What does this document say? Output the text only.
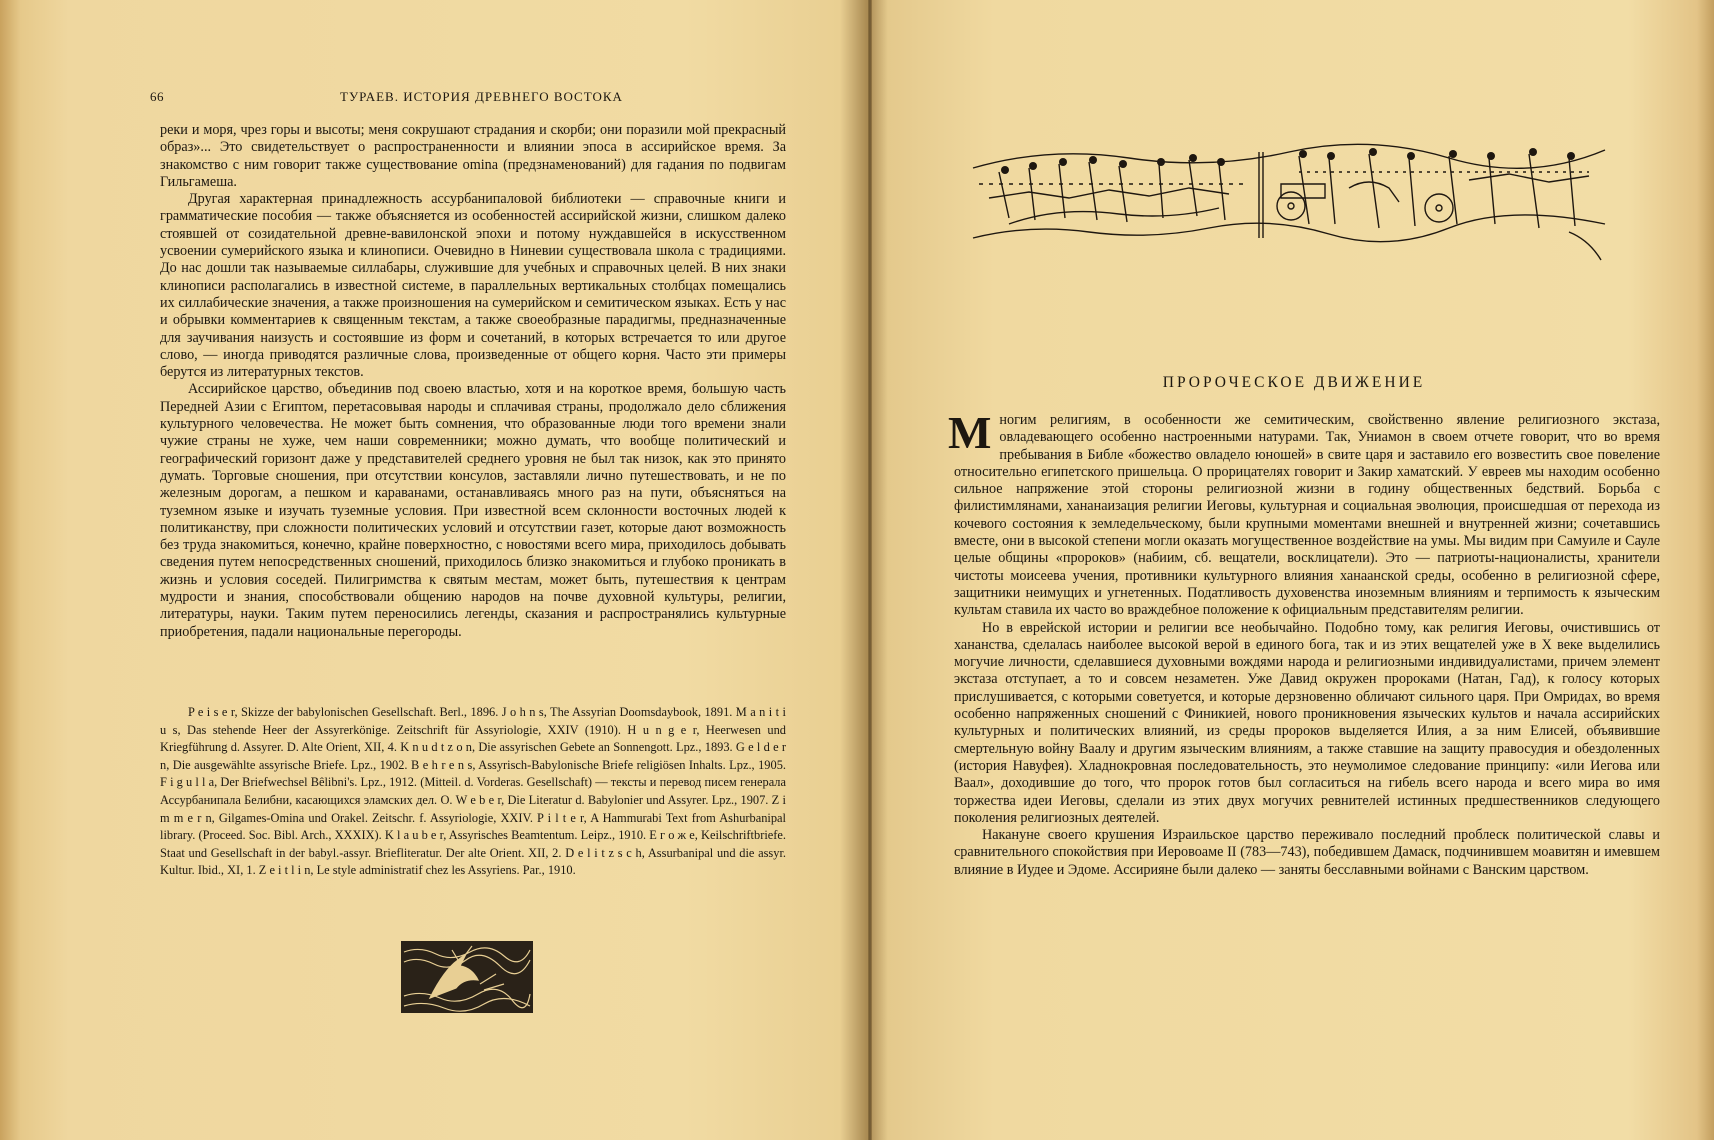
66	ТУРАЕВ. ИСТОРИЯ ДРЕВНЕГО ВОСТОКА

реки и моря, чрез горы и высоты; меня сокрушают страдания и скорби; они поразили мой прекрасный образ»... Это свидетельствует о распространенности и влиянии эпоса в ассирийское время. За знакомство с ним говорит также существование omina (предзнаменований) для гадания по подвигам Гильгамеша.

Другая характерная принадлежность ассурбанипаловой библиотеки — справочные книги и грамматические пособия — также объясняется из особенностей ассирийской жизни, слишком далеко стоявшей от созидательной древне-вавилонской эпохи и потому нуждавшейся в искусственном усвоении сумерийского языка и клинописи. Очевидно в Ниневии существовала школа с традициями. До нас дошли так называемые силлабары, служившие для учебных и справочных целей. В них знаки клинописи располагались в известной системе, в параллельных вертикальных столбцах помещались их силлабические значения, а также произношения на сумерийском и семитическом языках. Есть у нас и обрывки комментариев к священным текстам, а также своеобразные парадигмы, предназначенные для заучивания наизусть и состоявшие из форм и сочетаний, в которых встречается то или другое слово, — иногда приводятся различные слова, произведенные от общего корня. Часто эти примеры берутся из литературных текстов.

Ассирийское царство, объединив под своею властью, хотя и на короткое время, большую часть Передней Азии с Египтом, перетасовывая народы и сплачивая страны, продолжало дело сближения культурного человечества. Не может быть сомнения, что образованные люди того времени знали чужие страны не хуже, чем наши современники; можно думать, что вообще политический и географический горизонт даже у представителей среднего уровня не был так низок, как это принято думать. Торговые сношения, при отсутствии консулов, заставляли лично путешествовать, и не по железным дорогам, а пешком и караванами, останавливаясь много раз на пути, объясняться на туземном языке и изучать туземные условия. При известной всем склонности восточных людей к политиканству, при сложности политических условий и отсутствии газет, которые дают возможность без труда знакомиться, конечно, крайне поверхностно, с новостями всего мира, приходилось добывать сведения путем непосредственных сношений, приходилось близко знакомиться и глубоко проникать в жизнь и условия соседей. Пилигримства к святым местам, может быть, путешествия к центрам мудрости и знания, способствовали общению народов на почве духовной культуры, религии, литературы, науки. Таким путем переносились легенды, сказания и распространялись культурные приобретения, падали национальные перегороды.

P e i s e r, Skizze der babylonischen Gesellschaft. Berl., 1896. J o h n s, The Assyrian Doomsdaybook, 1891. M a n i t i u s, Das stehende Heer der Assyrerkönige. Zeitschrift für Assyriologie, XXIV (1910). H u n g e r, Heerwesen und Kriegführung d. Assyrer. D. Alte Orient, XII, 4. K n u d t z o n, Die assyrischen Gebete an Sonnengott. Lpz., 1893. G e l d e r n, Die ausgewählte assyrische Briefe. Lpz., 1902. B e h r e n s, Assyrisch-Babylonische Briefe religiösen Inhalts. Lpz., 1905. F i g u l l a, Der Briefwechsel Bêlibni's. Lpz., 1912. (Mitteil. d. Vorderas. Gesellschaft) — тексты и перевод писем генерала Ассурбанипала Белибни, касающихся эламских дел. O. W e b e r, Die Literatur d. Babylonier und Assyrer. Lpz., 1907. Z i m m e r n, Gilgames-Omina und Orakel. Zeitschr. f. Assyriologie, XXIV. P i l t e r, A Hammurabi Text from Ashurbanipal library. (Proceed. Soc. Bibl. Arch., XXXIX). K l a u b e r, Assyrisches Beamtentum. Leipz., 1910. Е г о ж е, Keilschriftbriefe. Staat und Gesellschaft in der babyl.-assyr. Briefliteratur. Der alte Orient. XII, 2. D e l i t z s c h, Assurbanipal und die assyr. Kultur. Ibid., XI, 1. Z e i t l i n, Le style administratif chez les Assyriens. Par., 1910.
ПРОРОЧЕСКОЕ ДВИЖЕНИЕ

Многим религиям, в особенности же семитическим, свойственно явление религиозного экстаза, овладевающего особенно настроенными натурами. Так, Униамон в своем отчете говорит, что во время пребывания в Библе «божество овладело юношей» в свите царя и заставило его возвестить свое повеление относительно египетского пришельца. О прорицателях говорит и Закир хаматский. У евреев мы находим особенно сильное напряжение этой стороны религиозной жизни в годину общественных бедствий. Борьба с филистимлянами, хананаизация религии Иеговы, культурная и социальная эволюция, происшедшая от перехода из кочевого состояния к земледельческому, были крупными моментами внешней и внутренней жизни; сочетавшись вместе, они в высокой степени могли оказать могущественное воздействие на умы. Мы видим при Самуиле и Сауле целые общины «пророков» (набиим, сб. вещатели, восклицатели). Это — патриоты-националисты, хранители чистоты моисеева учения, противники культурного влияния ханаанской среды, особенно в религиозной сфере, защитники неимущих и угнетенных. Податливость духовенства иноземным влияниям и терпимость к языческим культам ставила их часто во враждебное положение к официальным представителям религии.

Но в еврейской истории и религии все необычайно. Подобно тому, как религия Иеговы, очистившись от хананства, сделалась наиболее высокой верой в единого бога, так и из этих вещателей уже в X веке выделились могучие личности, сделавшиеся духовными вождями народа и религиозными индивидуалистами, причем элемент экстаза отступает, а то и совсем незаметен. Уже Давид окружен пророками (Натан, Гад), к голосу которых прислушивается, с которыми советуется, и которые дерзновенно обличают сильного царя. При Омридах, во время особенно напряженных сношений с Финикией, нового проникновения языческих культов и начала ассирийских культурных и политических влияний, из среды пророков выделяется Илия, а за ним Елисей, объявившие смертельную войну Ваалу и другим языческим влияниям, а также ставшие на защиту правосудия и обездоленных (история Навуфея). Хладнокровная последовательность, это неумолимое следование принципу: «или Иегова или Ваал», доходившие до того, что пророк готов был согласиться на гибель всего народа и всего мира во имя торжества идеи Иеговы, сделали из этих двух могучих ревнителей истинных предшественников следующего поколения религиозных деятелей.

Накануне своего крушения Израильское царство переживало последний проблеск политической славы и сравнительного спокойствия при Иеровоаме II (783—743), победившем Дамаск, подчинившем моавитян и имевшем влияние в Иудее и Эдоме. Ассирияне были далеко — заняты бесславными войнами с Ванским царством.
